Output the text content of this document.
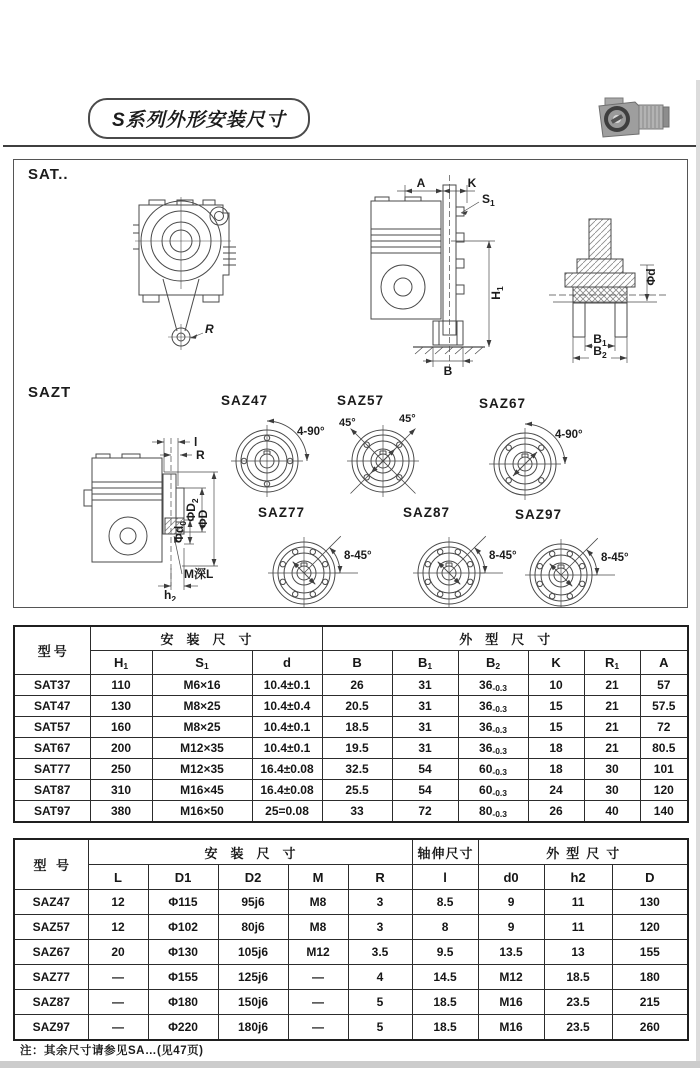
S系列外形安装尺寸
SAT..
SAZT
R
A	K
$S_1$
$H_1$
B
Φd
$B_1$
$B_2$
l
R
ΦD
$\Phi D_2$
$\Phi d_0$
M深L
$h_2$
4-90°
SAZ47
45°	45°
SAZ57
4-90°
SAZ67
8-45°
SAZ77
8-45°
SAZ87
8-45°
SAZ97
型号	安装尺寸			外型尺寸					
	$H_1$	$S_1$	d	B	$B_1$	$B_2$	K	$R_1$	A
SAT37	110	M6×16	10.4±0.1	26	31	$36_{-0.3}$	10	21	57
SAT47	130	M8×25	10.4±0.4	20.5	31	$36_{-0.3}$	15	21	57.5
SAT57	160	M8×25	10.4±0.1	18.5	31	$36_{-0.3}$	15	21	72
SAT67	200	M12×35	10.4±0.1	19.5	31	$36_{-0.3}$	18	21	80.5
SAT77	250	M12×35	16.4±0.08	32.5	54	$60_{-0.3}$	18	30	101
SAT87	310	M16×45	16.4±0.08	25.5	54	$60_{-0.3}$	24	30	120
SAT97	380	M16×50	25=0.08	33	72	$80_{-0.3}$	26	40	140
型 号	安装尺寸					轴伸尺寸	外型尺寸		
	L	D1	D2	M	R	l	d0	h2	D
SAZ47	12	Φ115	95j6	M8	3	8.5	9	11	130
SAZ57	12	Φ102	80j6	M8	3	8	9	11	120
SAZ67	20	Φ130	105j6	M12	3.5	9.5	13.5	13	155
SAZ77	—	Φ155	125j6	—	4	14.5	M12	18.5	180
SAZ87	—	Φ180	150j6	—	5	18.5	M16	23.5	215
SAZ97	—	Φ220	180j6	—	5	18.5	M16	23.5	260
注：其余尺寸请参见SA…(见47页)
